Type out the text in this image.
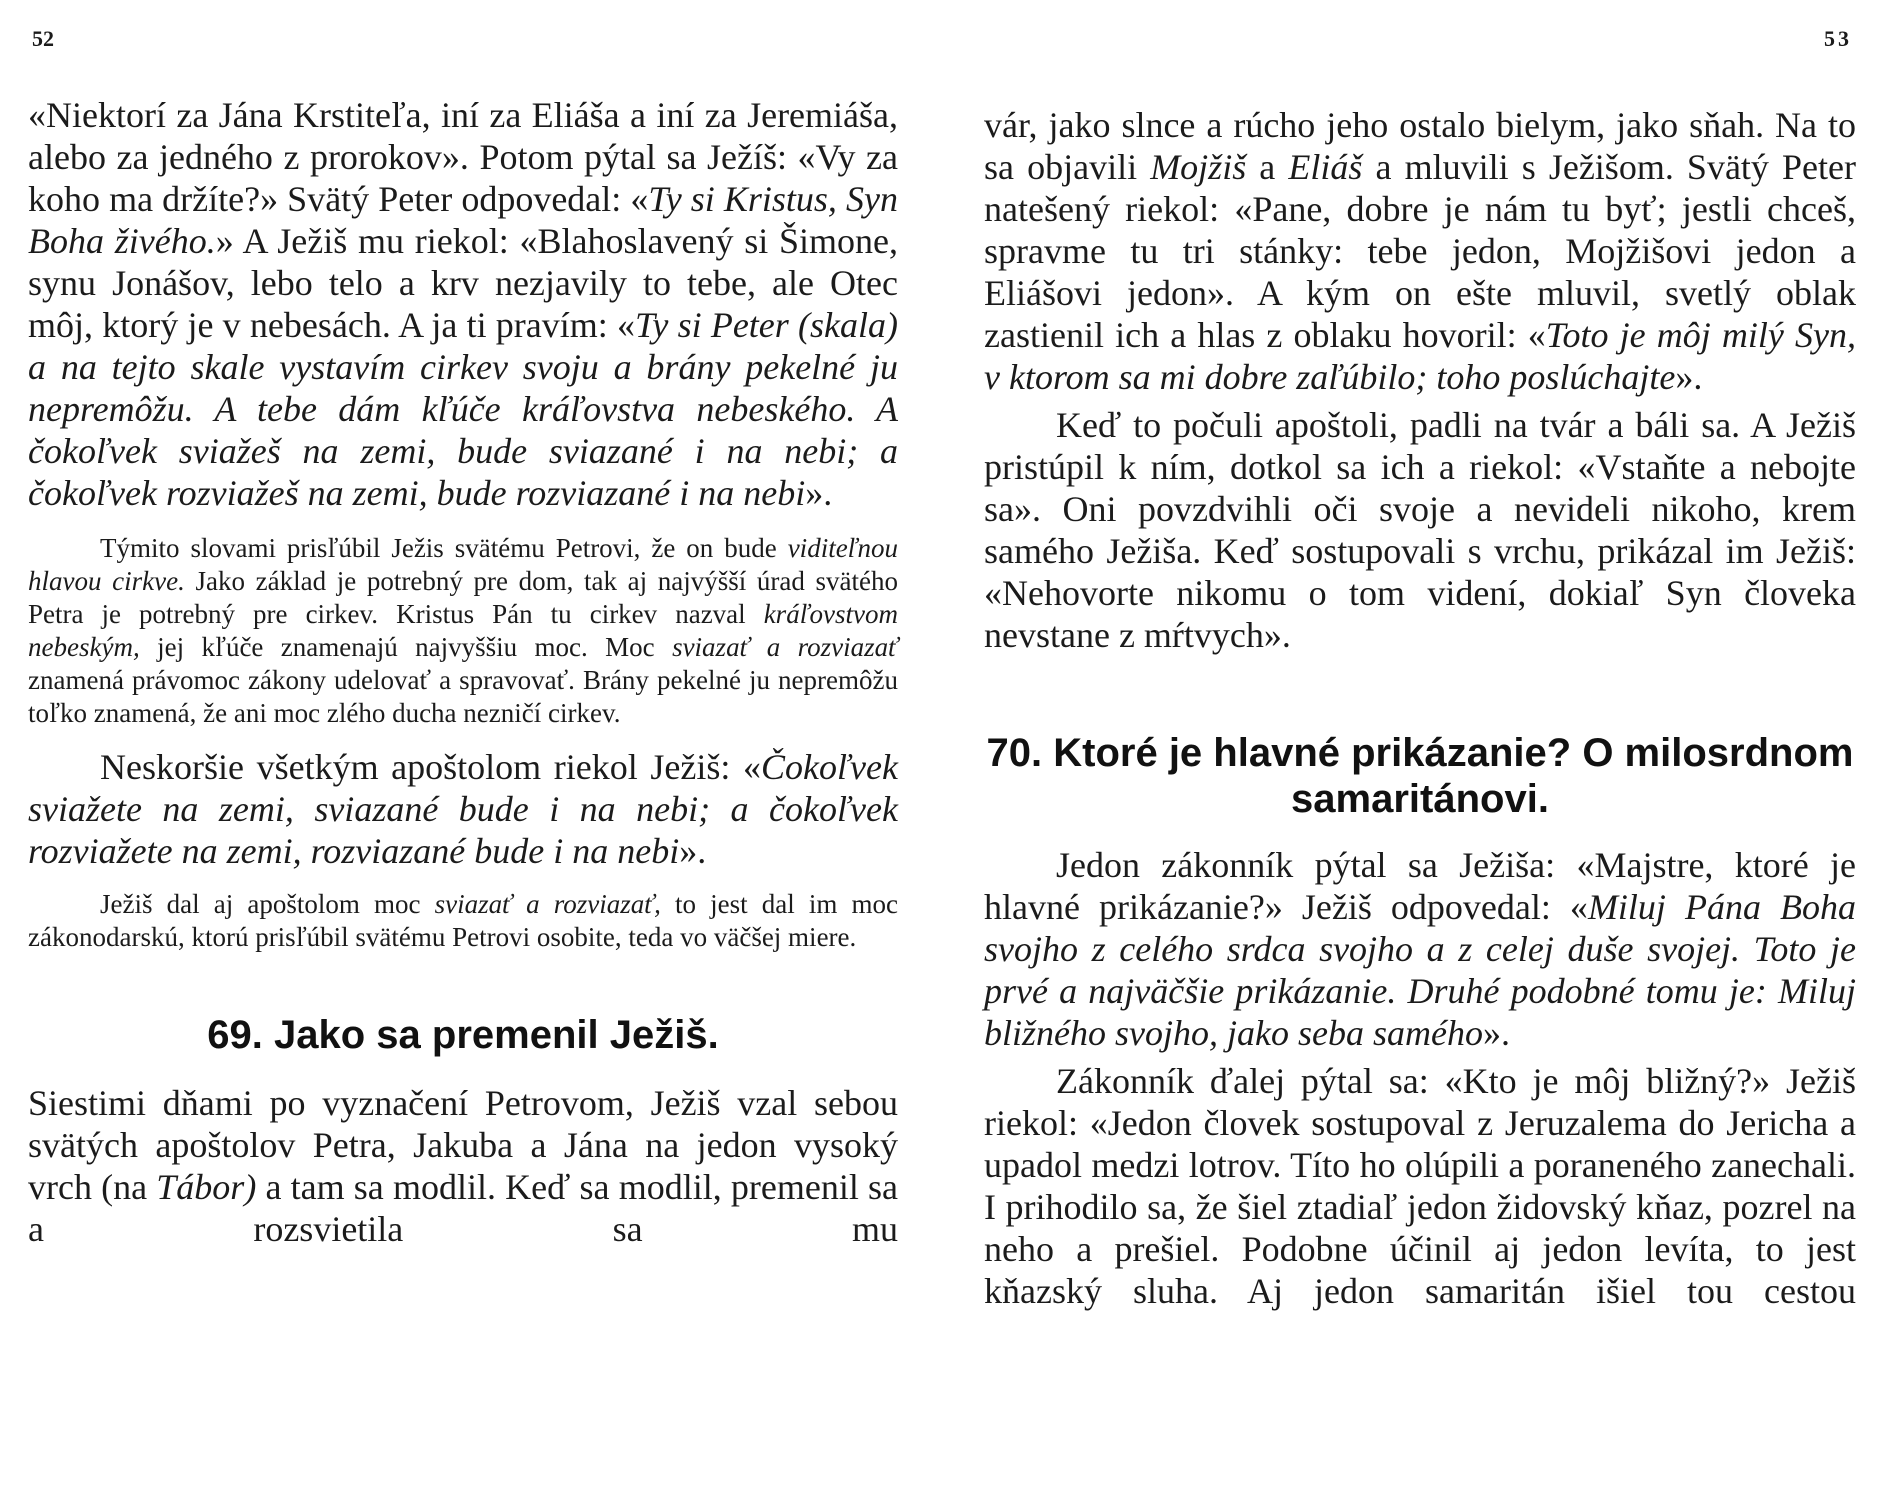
52

«Niektorí za Jána Krstiteľa, iní za Eliáša a iní za Jeremiáša, alebo za jedného z prorokov». Potom pýtal sa Ježíš: «Vy za koho ma držíte?» Svätý Peter odpovedal: «Ty si Kristus, Syn Boha živého.» A Ježiš mu riekol: «Blahoslavený si Šimone, synu Jonášov, lebo telo a krv nezjavily to tebe, ale Otec môj, ktorý je v nebesách. A ja ti pravím: «Ty si Peter (skala) a na tejto skale vystavím cirkev svoju a brány pekelné ju nepremôžu. A tebe dám kľúče kráľovstva nebeského. A čokoľvek sviažeš na zemi, bude sviazané i na nebi; a čokoľvek rozviažeš na zemi, bude rozviazané i na nebi».

Týmito slovami prisľúbil Ježis svätému Petrovi, že on bude viditeľnou hlavou cirkve. Jako základ je potrebný pre dom, tak aj najvýšší úrad svätého Petra je potrebný pre cirkev. Kristus Pán tu cirkev nazval kráľovstvom nebeským, jej kľúče znamenajú najvyššiu moc. Moc sviazať a rozviazať znamená právomoc zákony udelovať a spravovať. Brány pekelné ju nepremôžu toľko znamená, že ani moc zlého ducha nezničí cirkev.

Neskoršie všetkým apoštolom riekol Ježiš: «Čokoľvek sviažete na zemi, sviazané bude i na nebi; a čokoľvek rozviažete na zemi, rozviazané bude i na nebi».

Ježiš dal aj apoštolom moc sviazať a rozviazať, to jest dal im moc zákonodarskú, ktorú prisľúbil svätému Petrovi osobite, teda vo väčšej miere.

69. Jako sa premenil Ježiš.

Ѕiestimi dňami po vyznačení Petrovom, Ježiš vzal sebou svätých apoštolov Petra, Jakuba a Jána na jedon vysoký vrch (na Tábor) a tam sa modlil. Keď sa modlil, premenil sa a rozsvietila sa mu

53

vár, jako slnce a rúcho jeho ostalo bielym, jako sňah. Na to sa objavili Mojžiš a Eliáš a mluvili s Ježišom. Svätý Peter natešený riekol: «Pane, dobre je nám tu byť; jestli chceš, spravme tu tri stánky: tebe jedon, Mojžišovi jedon a Eliášovi jedon». A kým on ešte mluvil, svetlý oblak zastienil ich a hlas z oblaku hovoril: «Toto je môj milý Syn, v ktorom sa mi dobre zaľúbilo; toho poslúchajte».

Keď to počuli apoštoli, padli na tvár a báli sa. A Ježiš pristúpil k ním, dotkol sa ich a riekol: «Vstaňte a nebojte sa». Oni povzdvihli oči svoje a nevideli nikoho, krem samého Ježiša. Keď sostupovali s vrchu, prikázal im Ježiš: «Nehovorte nikomu o tom videní, dokiaľ Syn človeka nevstane z mŕtvych».

70. Ktoré je hlavné prikázanie? O milosrdnom samaritánovi.

Jedon zákonník pýtal sa Ježiša: «Majstre, ktoré je hlavné prikázanie?» Ježiš odpovedal: «Miluj Pána Boha svojho z celého srdca svojho a z celej duše svojej. Toto je prvé a najväčšie prikázanie. Druhé podobné tomu je: Miluj bližného svojho, jako seba samého».

Zákonník ďalej pýtal sa: «Kto je môj bližný?» Ježiš riekol: «Jedon človek sostupoval z Jeruzalema do Jericha a upadol medzi lotrov. Títo ho olúpili a poraneného zanechali. I prihodilo sa, že šiel ztadiaľ jedon židovský kňaz, pozrel na neho a prešiel. Podobne účinil aj jedon levíta, to jest kňazský sluha. Aj jedon samaritán išiel tou cestou
